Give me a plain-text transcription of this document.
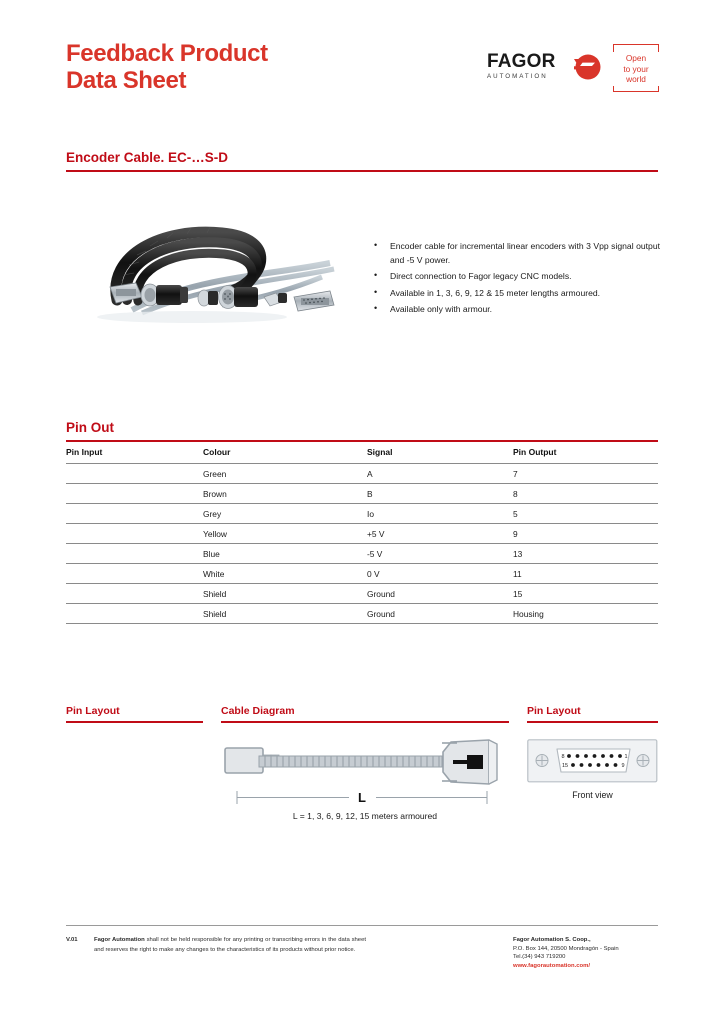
Feedback Product
Data Sheet
FAGOR
AUTOMATION
Open
to your
world
Encoder Cable. EC-…S-D
• Encoder cable for incremental linear encoders with 3 Vpp signal output and -5 V power.
• Direct connection to Fagor legacy CNC models.
• Available in 1, 3, 6, 9, 12 & 15 meter lengths armoured.
• Available only with armour.
Pin Out
Pin Input	Colour	Signal	Pin Output
	Green	A	7
	Brown	B	8
	Grey	Io	5
	Yellow	+5 V	9
	Blue	-5 V	13
	White	0 V	11
	Shield	Ground	15
	Shield	Ground	Housing
Pin Layout	Cable Diagram	Pin Layout
L
L = 1, 3, 6, 9, 12, 15 meters armoured
8	1
15	9
Front view
V.01	Fagor Automation shall not be held responsible for any printing or transcribing errors in the data sheet and reserves the right to make any changes to the characteristics of its products without prior notice.
Fagor Automation S. Coop.,
P.O. Box 144, 20500 Mondragón - Spain
Tel.(34) 943 719200
www.fagorautomation.com/
